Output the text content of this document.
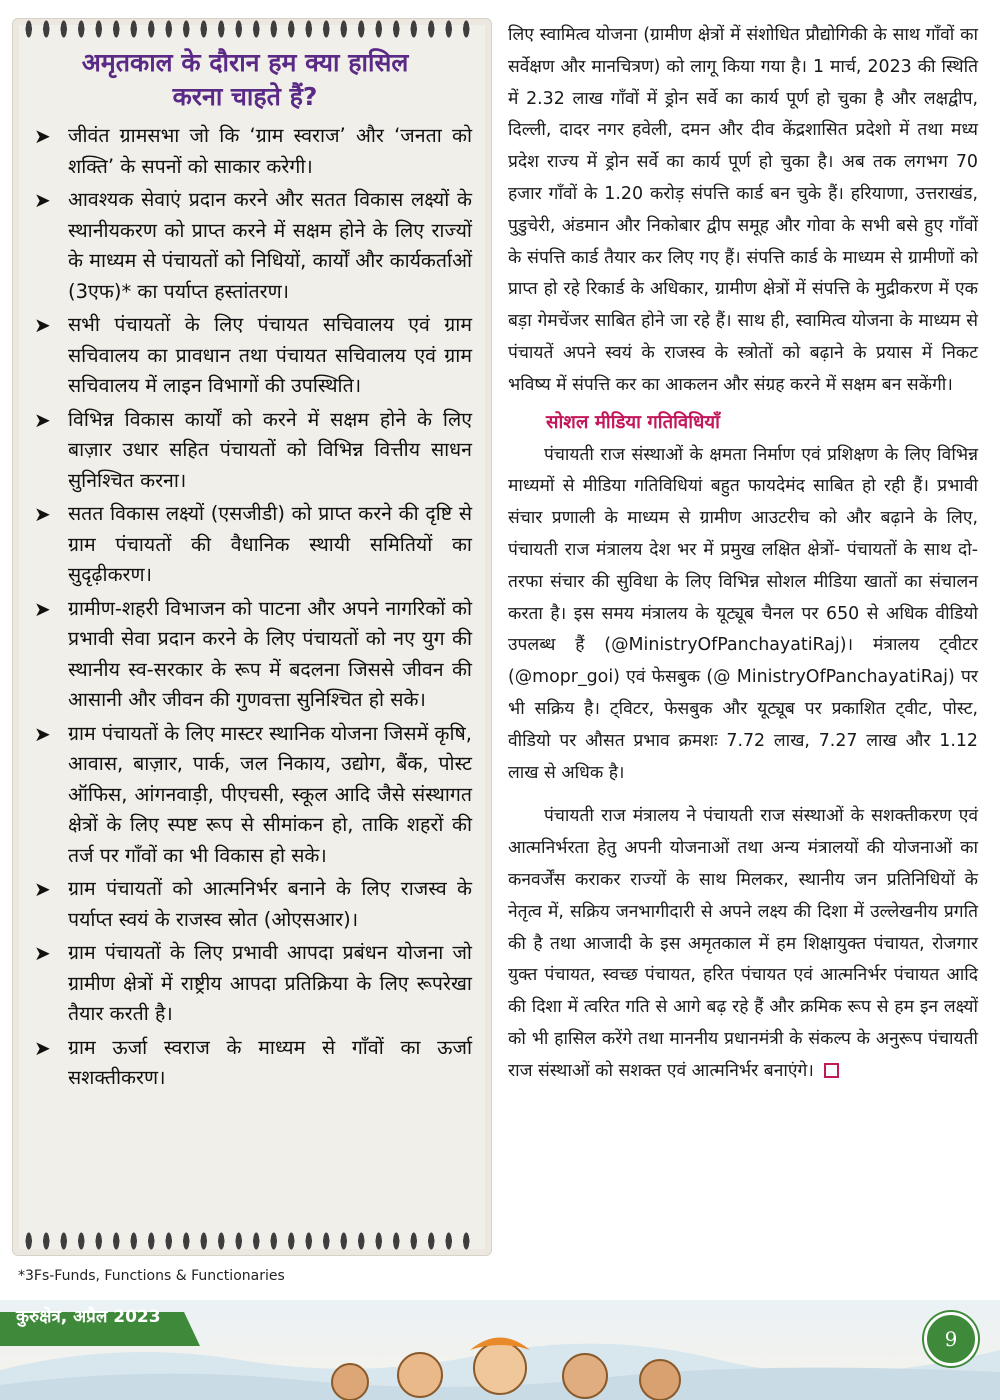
अमृतकाल के दौरान हम क्या हासिल
करना चाहते हैं?
➤ जीवंत ग्रामसभा जो कि ‘ग्राम स्वराज’ और ‘जनता को शक्ति’ के सपनों को साकार करेगी।
➤ आवश्यक सेवाएं प्रदान करने और सतत विकास लक्ष्यों के स्थानीयकरण को प्राप्त करने में सक्षम होने के लिए राज्यों के माध्यम से पंचायतों को निधियों, कार्यों और कार्यकर्ताओं (3एफ)* का पर्याप्त हस्तांतरण।
➤ सभी पंचायतों के लिए पंचायत सचिवालय एवं ग्राम सचिवालय का प्रावधान तथा पंचायत सचिवालय एवं ग्राम सचिवालय में लाइन विभागों की उपस्थिति।
➤ विभिन्न विकास कार्यों को करने में सक्षम होने के लिए बाज़ार उधार सहित पंचायतों को विभिन्न वित्तीय साधन सुनिश्चित करना।
➤ सतत विकास लक्ष्यों (एसजीडी) को प्राप्त करने की दृष्टि से ग्राम पंचायतों की वैधानिक स्थायी समितियों का सुदृढ़ीकरण।
➤ ग्रामीण-शहरी विभाजन को पाटना और अपने नागरिकों को प्रभावी सेवा प्रदान करने के लिए पंचायतों को नए युग की स्थानीय स्व-सरकार के रूप में बदलना जिससे जीवन की आसानी और जीवन की गुणवत्ता सुनिश्चित हो सके।
➤ ग्राम पंचायतों के लिए मास्टर स्थानिक योजना जिसमें कृषि, आवास, बाज़ार, पार्क, जल निकाय, उद्योग, बैंक, पोस्ट ऑफिस, आंगनवाड़ी, पीएचसी, स्कूल आदि जैसे संस्थागत क्षेत्रों के लिए स्पष्ट रूप से सीमांकन हो, ताकि शहरों की तर्ज पर गाँवों का भी विकास हो सके।
➤ ग्राम पंचायतों को आत्मनिर्भर बनाने के लिए राजस्व के पर्याप्त स्वयं के राजस्व स्रोत (ओएसआर)।
➤ ग्राम पंचायतों के लिए प्रभावी आपदा प्रबंधन योजना जो ग्रामीण क्षेत्रों में राष्ट्रीय आपदा प्रतिक्रिया के लिए रूपरेखा तैयार करती है।
➤ ग्राम ऊर्जा स्वराज के माध्यम से गाँवों का ऊर्जा सशक्तीकरण।
*3Fs-Funds, Functions & Functionaries

लिए स्वामित्व योजना (ग्रामीण क्षेत्रों में संशोधित प्रौद्योगिकी के साथ गाँवों का सर्वेक्षण और मानचित्रण) को लागू किया गया है। 1 मार्च, 2023 की स्थिति में 2.32 लाख गाँवों में ड्रोन सर्वे का कार्य पूर्ण हो चुका है और लक्षद्वीप, दिल्ली, दादर नगर हवेली, दमन और दीव केंद्रशासित प्रदेशो में तथा मध्य प्रदेश राज्य में ड्रोन सर्वे का कार्य पूर्ण हो चुका है। अब तक लगभग 70 हजार गाँवों के 1.20 करोड़ संपत्ति कार्ड बन चुके हैं। हरियाणा, उत्तराखंड, पुडुचेरी, अंडमान और निकोबार द्वीप समूह और गोवा के सभी बसे हुए गाँवों के संपत्ति कार्ड तैयार कर लिए गए हैं। संपत्ति कार्ड के माध्यम से ग्रामीणों को प्राप्त हो रहे रिकार्ड के अधिकार, ग्रामीण क्षेत्रों में संपत्ति के मुद्रीकरण में एक बड़ा गेमचेंजर साबित होने जा रहे हैं। साथ ही, स्वामित्व योजना के माध्यम से पंचायतें अपने स्वयं के राजस्व के स्त्रोतों को बढ़ाने के प्रयास में निकट भविष्य में संपत्ति कर का आकलन और संग्रह करने में सक्षम बन सकेंगी।

सोशल मीडिया गतिविधियाँ

पंचायती राज संस्थाओं के क्षमता निर्माण एवं प्रशिक्षण के लिए विभिन्न माध्यमों से मीडिया गतिविधियां बहुत फायदेमंद साबित हो रही हैं। प्रभावी संचार प्रणाली के माध्यम से ग्रामीण आउटरीच को और बढ़ाने के लिए, पंचायती राज मंत्रालय देश भर में प्रमुख लक्षित क्षेत्रों- पंचायतों के साथ दो-तरफा संचार की सुविधा के लिए विभिन्न सोशल मीडिया खातों का संचालन करता है। इस समय मंत्रालय के यूट्यूब चैनल पर 650 से अधिक वीडियो उपलब्ध हैं (@MinistryOfPanchayatiRaj)। मंत्रालय ट्वीटर (@mopr_goi) एवं फेसबुक (@ MinistryOfPanchayatiRaj) पर भी सक्रिय है। ट्विटर, फेसबुक और यूट्यूब पर प्रकाशित ट्वीट, पोस्ट, वीडियो पर औसत प्रभाव क्रमशः 7.72 लाख, 7.27 लाख और 1.12 लाख से अधिक है।

पंचायती राज मंत्रालय ने पंचायती राज संस्थाओं के सशक्तीकरण एवं आत्मनिर्भरता हेतु अपनी योजनाओं तथा अन्य मंत्रालयों की योजनाओं का कनवर्जेंस कराकर राज्यों के साथ मिलकर, स्थानीय जन प्रतिनिधियों के नेतृत्व में, सक्रिय जनभागीदारी से अपने लक्ष्य की दिशा में उल्लेखनीय प्रगति की है तथा आजादी के इस अमृतकाल में हम शिक्षायुक्त पंचायत, रोजगार युक्त पंचायत, स्वच्छ पंचायत, हरित पंचायत एवं आत्मनिर्भर पंचायत आदि की दिशा में त्वरित गति से आगे बढ़ रहे हैं और क्रमिक रूप से हम इन लक्ष्यों को भी हासिल करेंगे तथा माननीय प्रधानमंत्री के संकल्प के अनुरूप पंचायती राज संस्थाओं को सशक्त एवं आत्मनिर्भर बनाएंगे।

कुरुक्षेत्र, अप्रैल 2023
9
